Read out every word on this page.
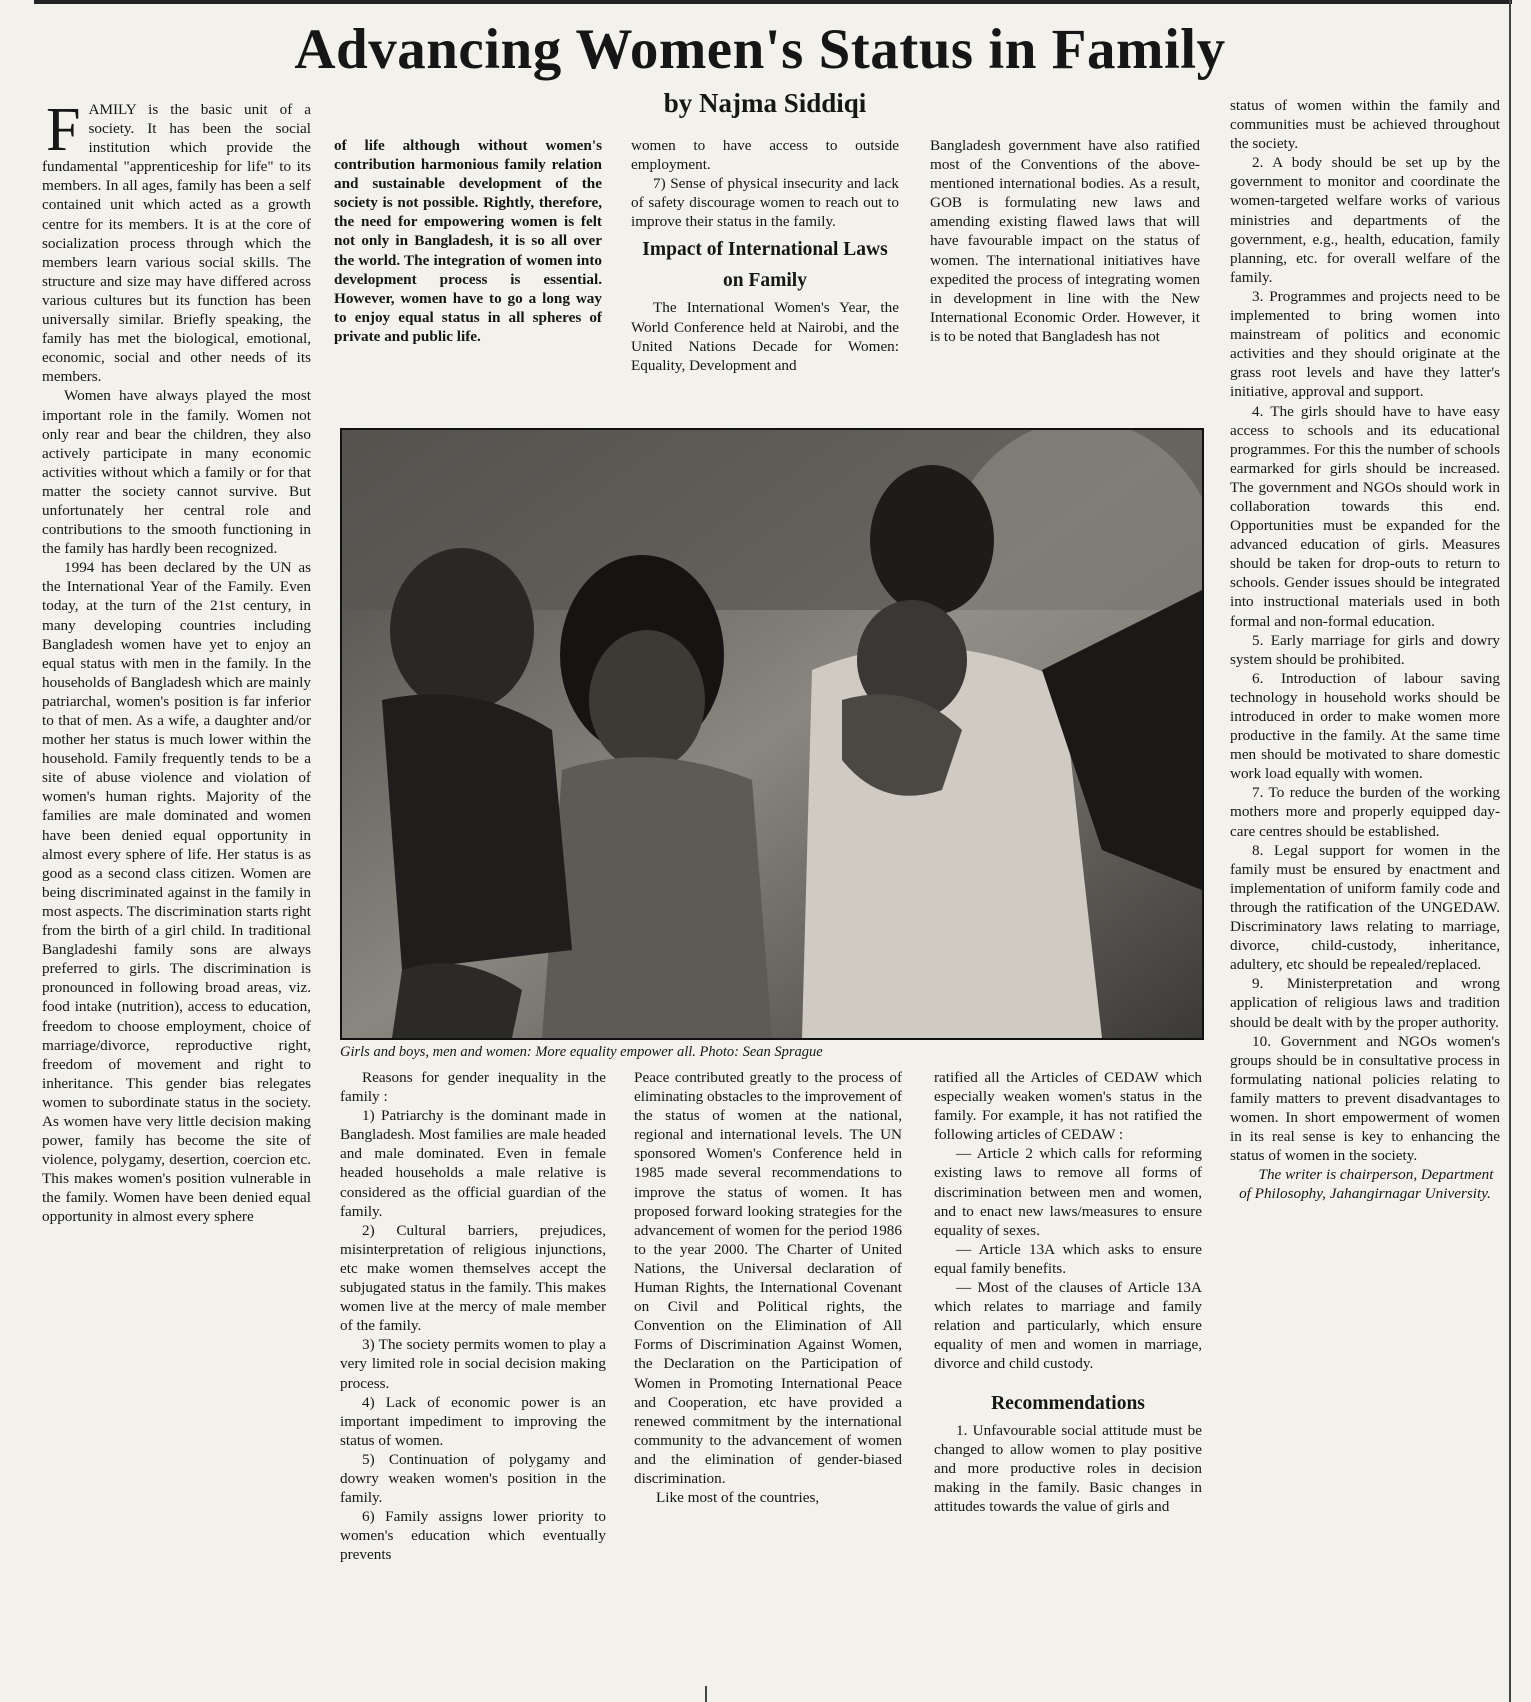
Advancing Women's Status in Family
by Najma Siddiqi

FAMILY is the basic unit of a society. It has been the social institution which provide the fundamental "apprenticeship for life" to its members. In all ages, family has been a self contained unit which acted as a growth centre for its members. It is at the core of socialization process through which the members learn various social skills. The structure and size may have differed across various cultures but its function has been universally similar. Briefly speaking, the family has met the biological, emotional, economic, social and other needs of its members.

Women have always played the most important role in the family. Women not only rear and bear the children, they also actively participate in many economic activities without which a family or for that matter the society cannot survive. But unfortunately her central role and contributions to the smooth functioning in the family has hardly been recognized.

1994 has been declared by the UN as the International Year of the Family. Even today, at the turn of the 21st century, in many developing countries including Bangladesh women have yet to enjoy an equal status with men in the family. In the households of Bangladesh which are mainly patriarchal, women's position is far inferior to that of men. As a wife, a daughter and/or mother her status is much lower within the household. Family frequently tends to be a site of abuse violence and violation of women's human rights. Majority of the families are male dominated and women have been denied equal opportunity in almost every sphere of life. Her status is as good as a second class citizen. Women are being discriminated against in the family in most aspects. The discrimination starts right from the birth of a girl child. In traditional Bangladeshi family sons are always preferred to girls. The discrimination is pronounced in following broad areas, viz. food intake (nutrition), access to education, freedom to choose employment, choice of marriage/divorce, reproductive right, freedom of movement and right to inheritance. This gender bias relegates women to subordinate status in the society. As women have very little decision making power, family has become the site of violence, polygamy, desertion, coercion etc. This makes women's position vulnerable in the family. Women have been denied equal opportunity in almost every sphere

of life although without women's contribution harmonious family relation and sustainable development of the society is not possible. Rightly, therefore, the need for empowering women is felt not only in Bangladesh, it is so all over the world. The integration of women into development process is essential. However, women have to go a long way to enjoy equal status in all spheres of private and public life.

women to have access to outside employment.

7) Sense of physical insecurity and lack of safety discourage women to reach out to improve their status in the family.

Impact of International Laws on Family

The International Women's Year, the World Conference held at Nairobi, and the United Nations Decade for Women: Equality, Development and

Bangladesh government have also ratified most of the Conventions of the above-mentioned international bodies. As a result, GOB is formulating new laws and amending existing flawed laws that will have favourable impact on the status of women. The international initiatives have expedited the process of integrating women in development in line with the New International Economic Order. However, it is to be noted that Bangladesh has not

Girls and boys, men and women: More equality empower all. Photo: Sean Sprague

Reasons for gender inequality in the family :

1) Patriarchy is the dominant made in Bangladesh. Most families are male headed and male dominated. Even in female headed households a male relative is considered as the official guardian of the family.

2) Cultural barriers, prejudices, misinterpretation of religious injunctions, etc make women themselves accept the subjugated status in the family. This makes women live at the mercy of male member of the family.

3) The society permits women to play a very limited role in social decision making process.

4) Lack of economic power is an important impediment to improving the status of women.

5) Continuation of polygamy and dowry weaken women's position in the family.

6) Family assigns lower priority to women's education which eventually prevents

Peace contributed greatly to the process of eliminating obstacles to the improvement of the status of women at the national, regional and international levels. The UN sponsored Women's Conference held in 1985 made several recommendations to improve the status of women. It has proposed forward looking strategies for the advancement of women for the period 1986 to the year 2000. The Charter of United Nations, the Universal declaration of Human Rights, the International Covenant on Civil and Political rights, the Convention on the Elimination of All Forms of Discrimination Against Women, the Declaration on the Participation of Women in Promoting International Peace and Cooperation, etc have provided a renewed commitment by the international community to the advancement of women and the elimination of gender-biased discrimination.

Like most of the countries,

ratified all the Articles of CEDAW which especially weaken women's status in the family. For example, it has not ratified the following articles of CEDAW :

— Article 2 which calls for reforming existing laws to remove all forms of discrimination between men and women, and to enact new laws/measures to ensure equality of sexes.

— Article 13A which asks to ensure equal family benefits.

— Most of the clauses of Article 13A which relates to marriage and family relation and particularly, which ensure equality of men and women in marriage, divorce and child custody.

Recommendations

1. Unfavourable social attitude must be changed to allow women to play positive and more productive roles in decision making in the family. Basic changes in attitudes towards the value of girls and

status of women within the family and communities must be achieved throughout the society.

2. A body should be set up by the government to monitor and coordinate the women-targeted welfare works of various ministries and departments of the government, e.g., health, education, family planning, etc. for overall welfare of the family.

3. Programmes and projects need to be implemented to bring women into mainstream of politics and economic activities and they should originate at the grass root levels and have they latter's initiative, approval and support.

4. The girls should have to have easy access to schools and its educational programmes. For this the number of schools earmarked for girls should be increased. The government and NGOs should work in collaboration towards this end. Opportunities must be expanded for the advanced education of girls. Measures should be taken for drop-outs to return to schools. Gender issues should be integrated into instructional materials used in both formal and non-formal education.

5. Early marriage for girls and dowry system should be prohibited.

6. Introduction of labour saving technology in household works should be introduced in order to make women more productive in the family. At the same time men should be motivated to share domestic work load equally with women.

7. To reduce the burden of the working mothers more and properly equipped day-care centres should be established.

8. Legal support for women in the family must be ensured by enactment and implementation of uniform family code and through the ratification of the UNGEDAW. Discriminatory laws relating to marriage, divorce, child-custody, inheritance, adultery, etc should be repealed/replaced.

9. Ministerpretation and wrong application of religious laws and tradition should be dealt with by the proper authority.

10. Government and NGOs women's groups should be in consultative process in formulating national policies relating to family matters to prevent disadvantages to women. In short empowerment of women in its real sense is key to enhancing the status of women in the society.

The writer is chairperson, Department of Philosophy, Jahangirnagar University.
